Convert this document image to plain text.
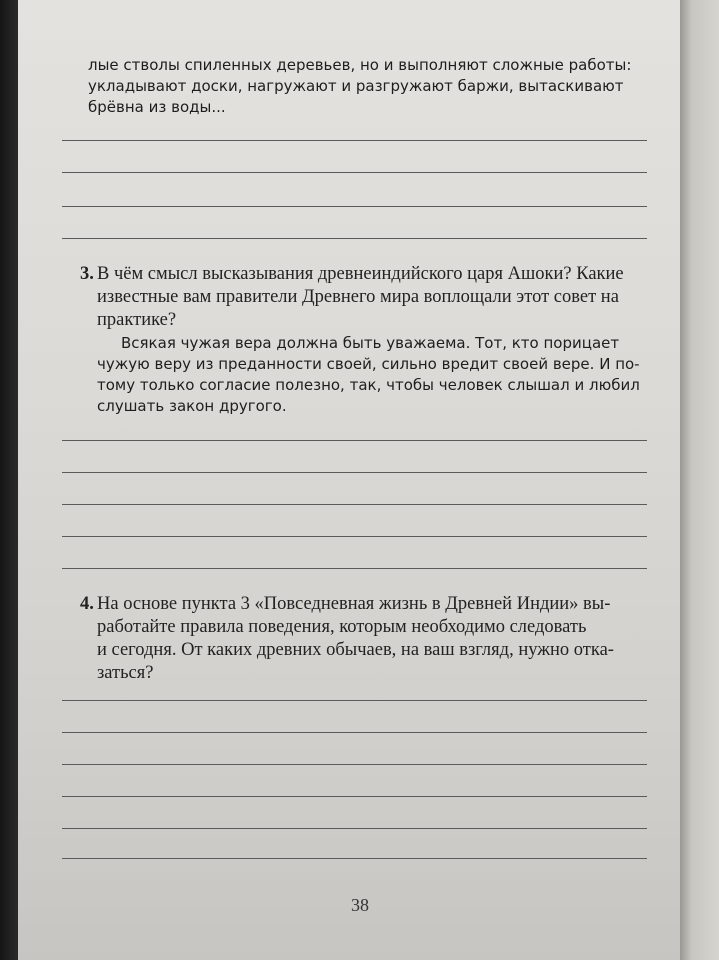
лые стволы спиленных деревьев, но и выполняют сложные работы:
укладывают доски, нагружают и разгружают баржи, вытаскивают
брёвна из воды...
3. В чём смысл высказывания древнеиндийского царя Ашоки? Какие
известные вам правители Древнего мира воплощали этот совет на
практике?
Всякая чужая вера должна быть уважаема. Тот, кто порицает
чужую веру из преданности своей, сильно вредит своей вере. И по-
тому только согласие полезно, так, чтобы человек слышал и любил
слушать закон другого.
4. На основе пункта 3 «Повседневная жизнь в Древней Индии» вы-
работайте правила поведения, которым необходимо следовать
и сегодня. От каких древних обычаев, на ваш взгляд, нужно отка-
заться?
38
